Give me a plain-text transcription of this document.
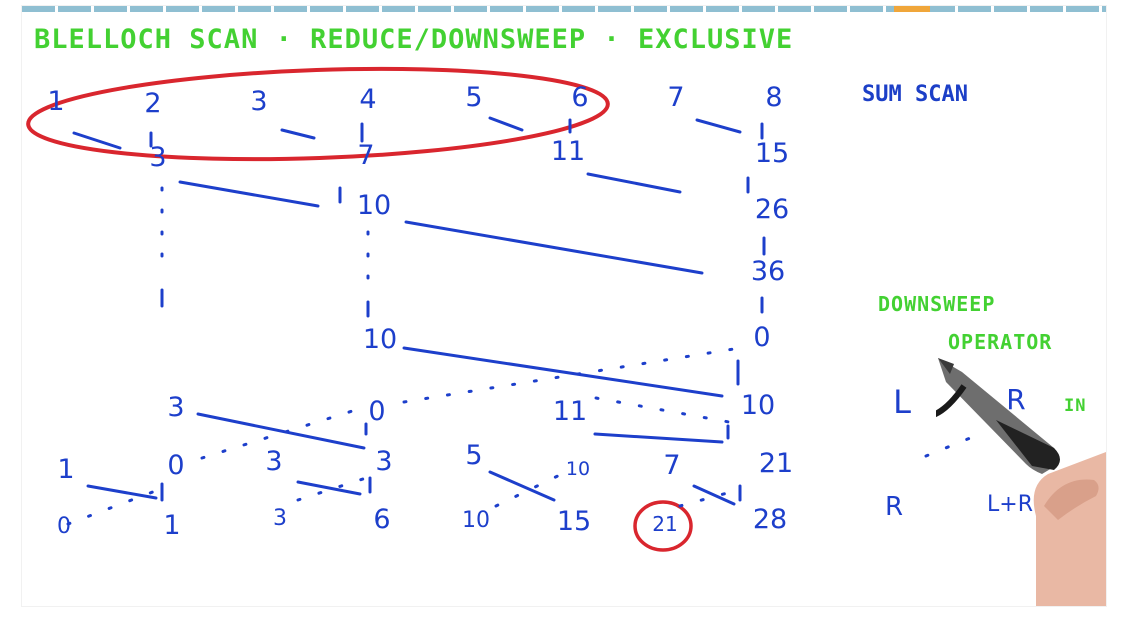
BLELLOCH SCAN · REDUCE/DOWNSWEEP · EXCLUSIVE
SUM SCAN
1	2	3	4	5	6	7	8
3	7	11	15
10	26
36
10	0
3	0	11	10
1	0	3	3	5	10	7	21
0	1	3	6	10 15	21	28
DOWNSWEEP
OPERATOR
L	R IN
R	L+R
